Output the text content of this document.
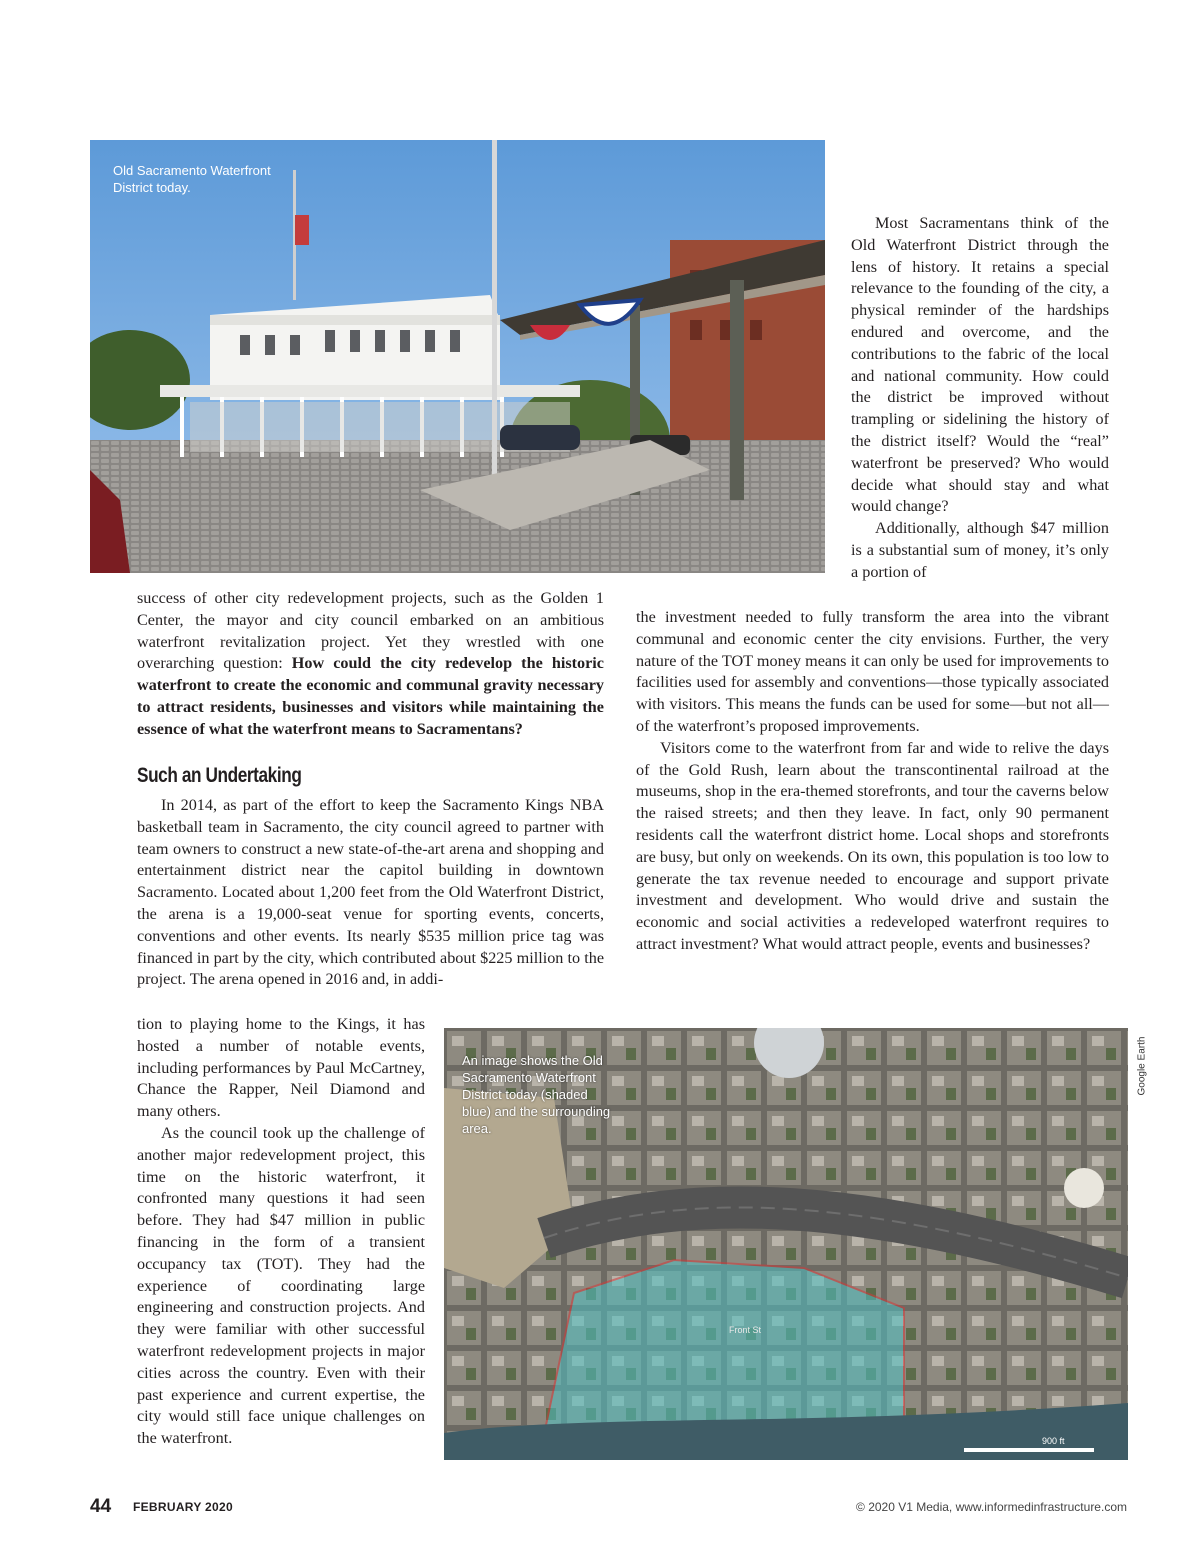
Old Sacramento Waterfront District today.

Most Sacramentans think of the Old Waterfront District through the lens of history. It retains a special relevance to the founding of the city, a physical reminder of the hardships endured and overcome, and the contributions to the fabric of the local and national community. How could the district be improved without trampling or sidelining the history of the district itself? Would the “real” waterfront be preserved? Who would decide what should stay and what would change?

Additionally, although $47 million is a substantial sum of money, it’s only a portion of

success of other city redevelopment projects, such as the Golden 1 Center, the mayor and city council embarked on an ambitious waterfront revitalization project. Yet they wrestled with one overarching question: How could the city redevelop the historic waterfront to create the economic and communal gravity necessary to attract residents, businesses and visitors while maintaining the essence of what the waterfront means to Sacramentans?

Such an Undertaking

In 2014, as part of the effort to keep the Sacramento Kings NBA basketball team in Sacramento, the city council agreed to partner with team owners to construct a new state-of-the-art arena and shopping and entertainment district near the capitol building in downtown Sacramento. Located about 1,200 feet from the Old Waterfront District, the arena is a 19,000-seat venue for sporting events, concerts, conventions and other events. Its nearly $535 million price tag was financed in part by the city, which contributed about $225 million to the project. The arena opened in 2016 and, in addi-

tion to playing home to the Kings, it has hosted a number of notable events, including performances by Paul McCartney, Chance the Rapper, Neil Diamond and many others.

As the council took up the challenge of another major redevelopment project, this time on the historic waterfront, it confronted many questions it had seen before. They had $47 million in public financing in the form of a transient occupancy tax (TOT). They had the experience of coordinating large engineering and construction projects. And they were familiar with other successful waterfront redevelopment projects in major cities across the country. Even with their past experience and current expertise, the city would still face unique challenges on the waterfront.

the investment needed to fully transform the area into the vibrant communal and economic center the city envisions. Further, the very nature of the TOT money means it can only be used for improvements to facilities used for assembly and conventions—those typically associated with visitors. This means the funds can be used for some—but not all—of the waterfront’s proposed improvements.

Visitors come to the waterfront from far and wide to relive the days of the Gold Rush, learn about the transcontinental railroad at the museums, shop in the era-themed storefronts, and tour the caverns below the raised streets; and then they leave. In fact, only 90 permanent residents call the waterfront district home. Local shops and storefronts are busy, but only on weekends. On its own, this population is too low to generate the tax revenue needed to encourage and support private investment and development. Who would drive and sustain the economic and social activities a redeveloped waterfront requires to attract investment? What would attract people, events and businesses?

900 ft
Front St
An image shows the Old Sacramento Waterfront District today (shaded blue) and the surrounding area.
Google Earth
44 FEBRUARY 2020	© 2020 V1 Media, www.informedinfrastructure.com
